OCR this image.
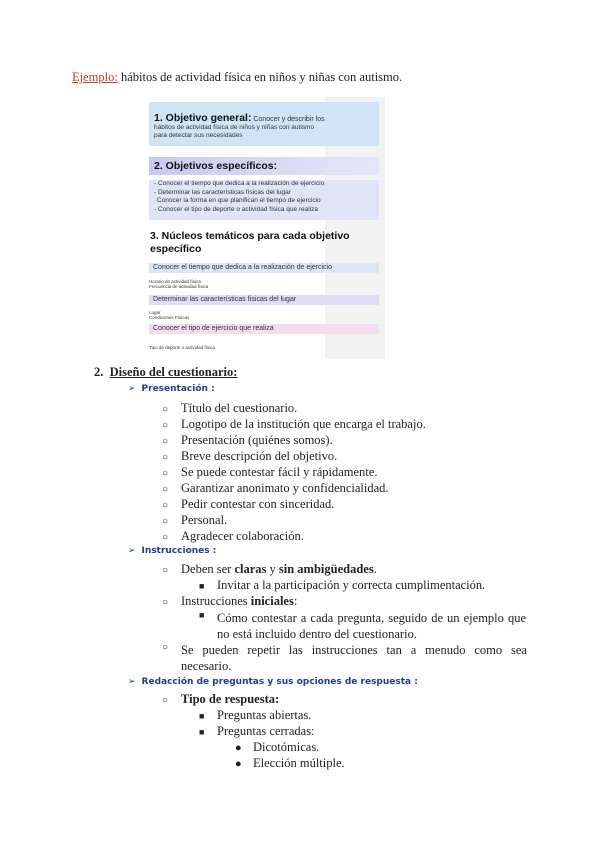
Ejemplo: hábitos de actividad física en niños y niñas con autismo.
1. Objetivo general: Conocer y describir los
hábitos de actividad física de niños y niñas con autismo
para detectar sus necesidades
2. Objetivos específicos:
- Conocer el tiempo que dedica a la realización de ejercicio
- Determinar las características físicas del lugar
Conocer la forma en que planifican el tiempo de ejercicio
- Conocer el tipo de deporte o actividad física que realiza
3. Núcleos temáticos para cada objetivo específico
Conocer el tiempo que dedica a la realización de ejercicio
Horario de actividad física
Frecuencia de actividad física
Determinar las características físicas del lugar
Lugar
Condiciones Físicas
Conocer el tipo de ejercicio que realiza
Tipo de deporte o actividad física
2. Diseño del cuestionario:
➢ Presentación :
○ Título del cuestionario.
○ Logotipo de la institución que encarga el trabajo.
○ Presentación (quiénes somos).
○ Breve descripción del objetivo.
○ Se puede contestar fácil y rápidamente.
○ Garantizar anonimato y confidencialidad.
○ Pedir contestar con sinceridad.
○ Personal.
○ Agradecer colaboración.
➢ Instrucciones :
○ Deben ser claras y sin ambigüedades.
■ Invitar a la participación y correcta cumplimentación.
○ Instrucciones iniciales:
■	Cómo contestar a cada pregunta, seguido de un ejemplo que no está incluido dentro del cuestionario.
○	Se pueden repetir las instrucciones tan a menudo como sea necesario.
➢ Redacción de preguntas y sus opciones de respuesta :
○ Tipo de respuesta:
■ Preguntas abiertas.
■ Preguntas cerradas:
● Dicotómicas.
● Elección múltiple.
